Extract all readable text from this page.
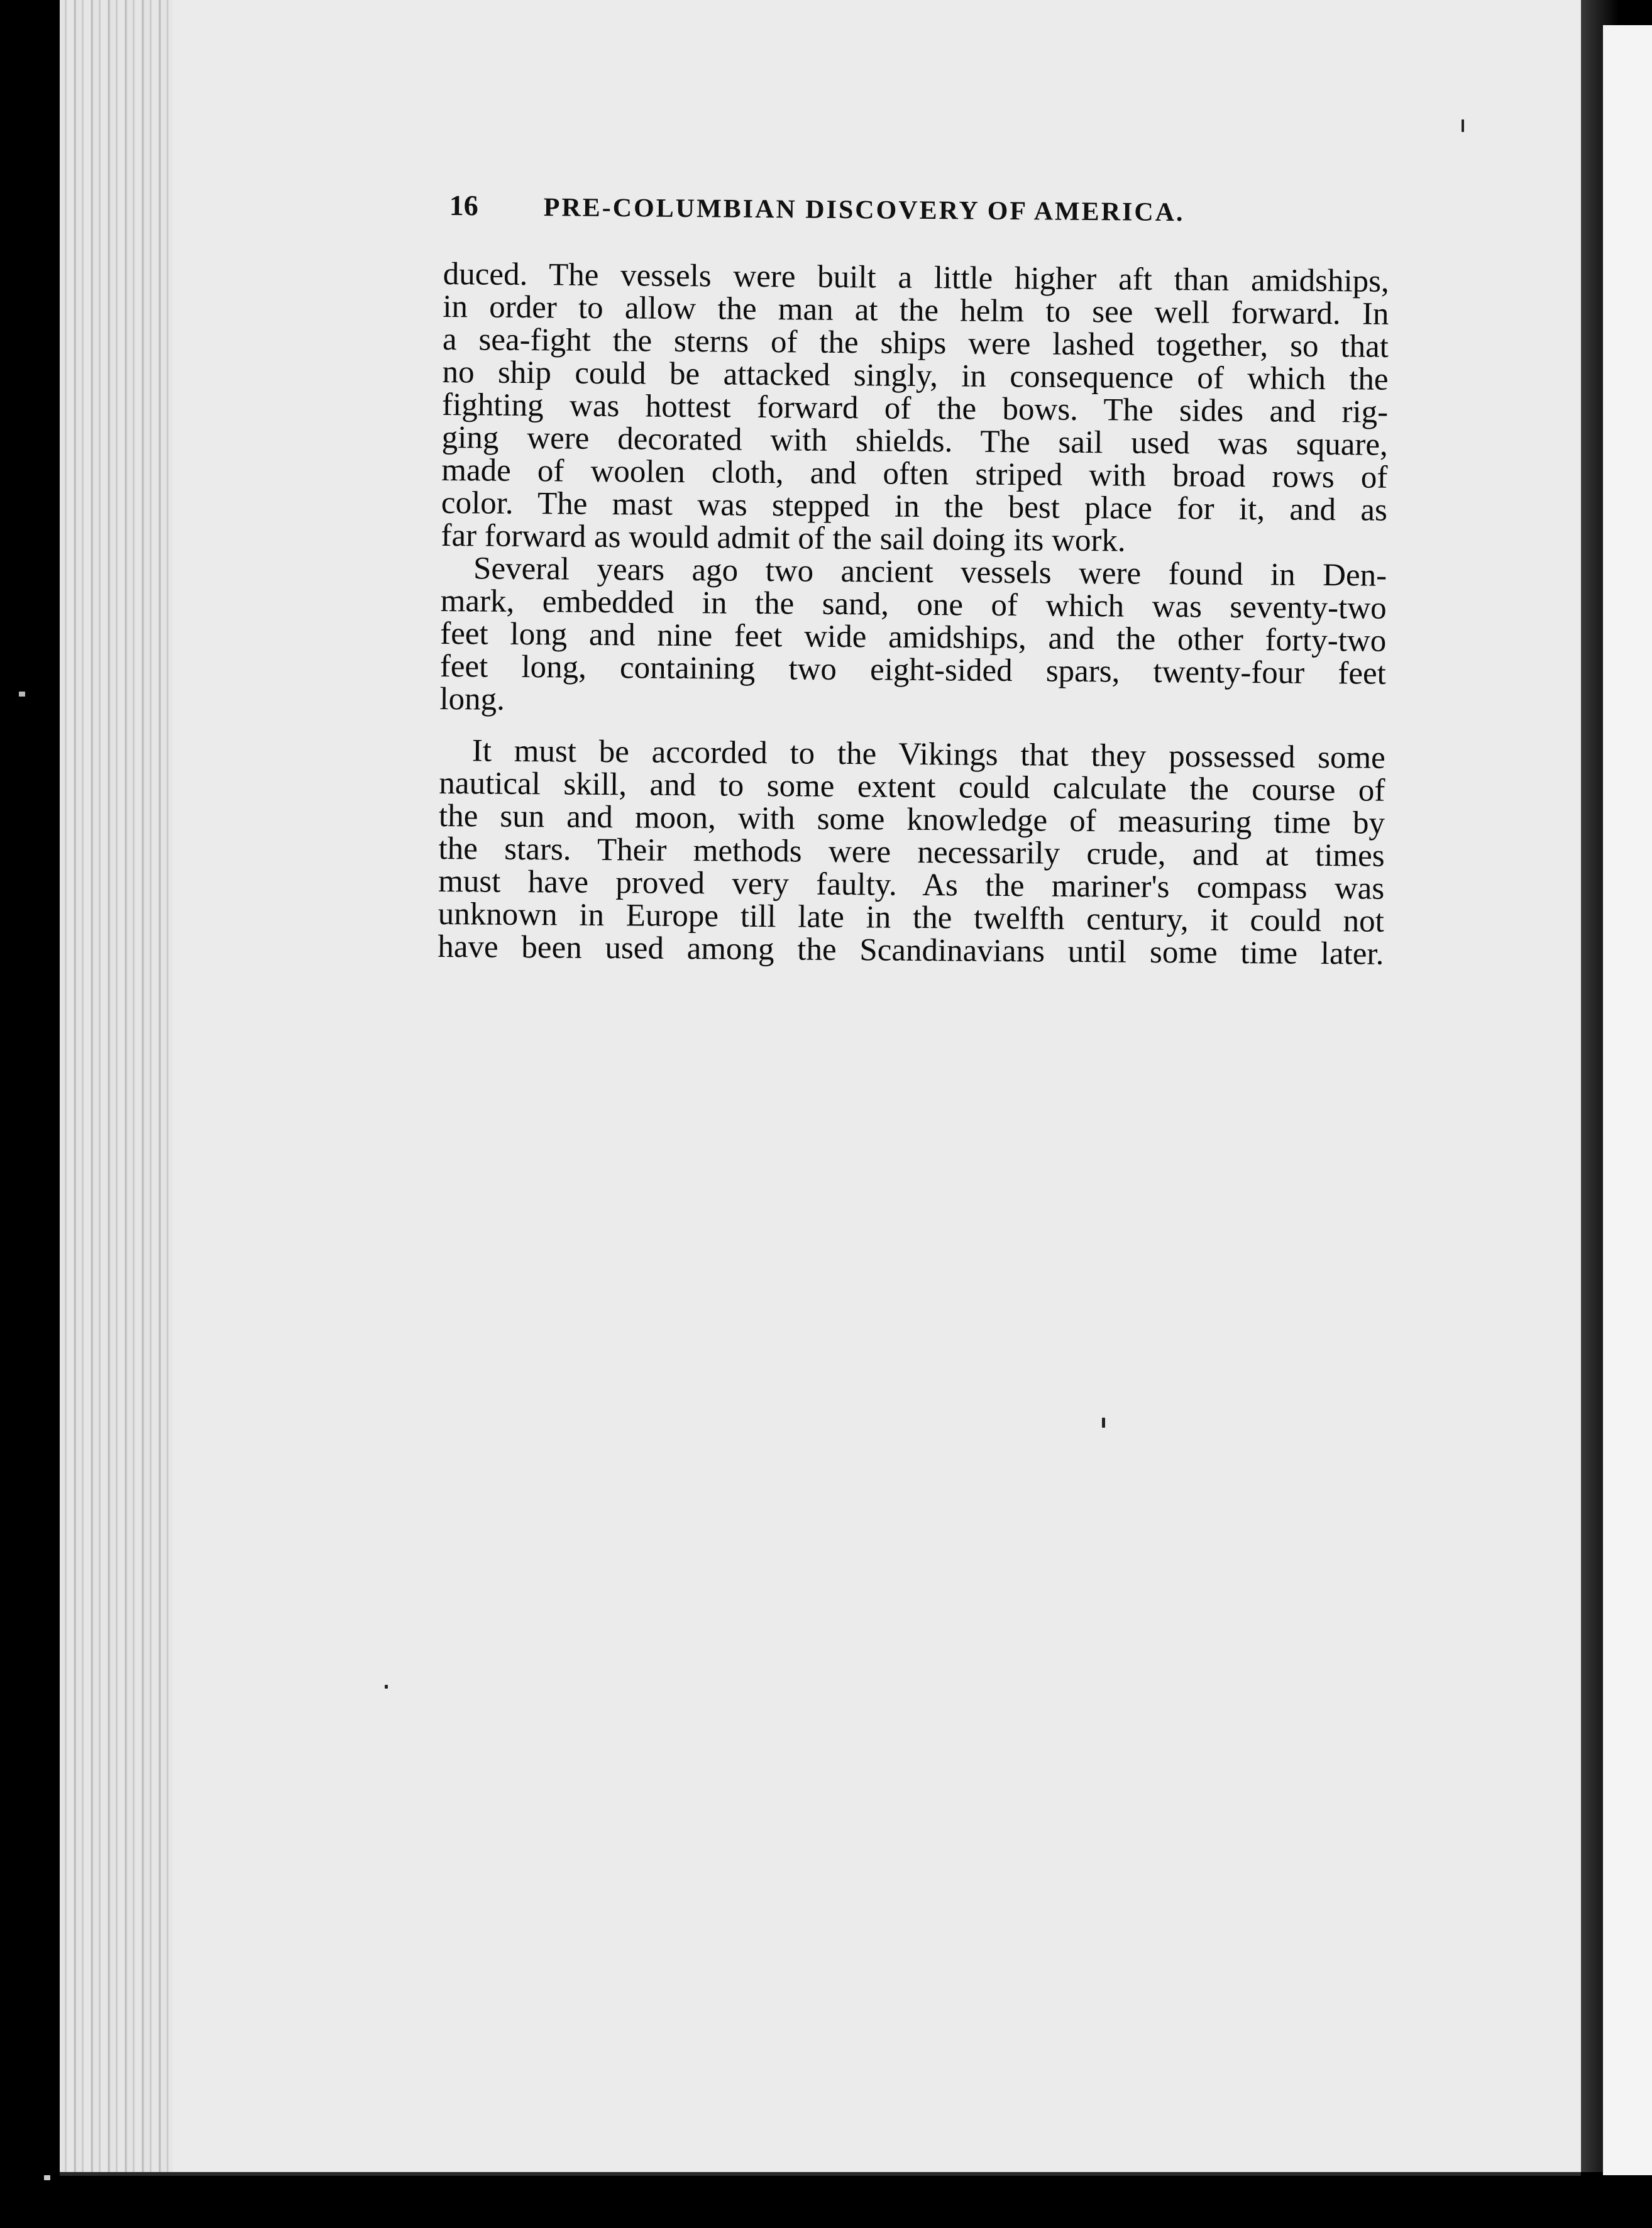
16	PRE-COLUMBIAN DISCOVERY OF AMERICA.
duced. The vessels were built a little higher aft than amidships,
in order to allow the man at the helm to see well forward. In
a sea-fight the sterns of the ships were lashed together, so that
no ship could be attacked singly, in consequence of which the
fighting was hottest forward of the bows. The sides and rig-
ging were decorated with shields. The sail used was square,
made of woolen cloth, and often striped with broad rows of
color. The mast was stepped in the best place for it, and as
far forward as would admit of the sail doing its work.
Several years ago two ancient vessels were found in Den-
mark, embedded in the sand, one of which was seventy-two
feet long and nine feet wide amidships, and the other forty-two
feet long, containing two eight-sided spars, twenty-four feet
long.
It must be accorded to the Vikings that they possessed some
nautical skill, and to some extent could calculate the course of
the sun and moon, with some knowledge of measuring time by
the stars. Their methods were necessarily crude, and at times
must have proved very faulty. As the mariner's compass was
unknown in Europe till late in the twelfth century, it could not
have been used among the Scandinavians until some time later.
